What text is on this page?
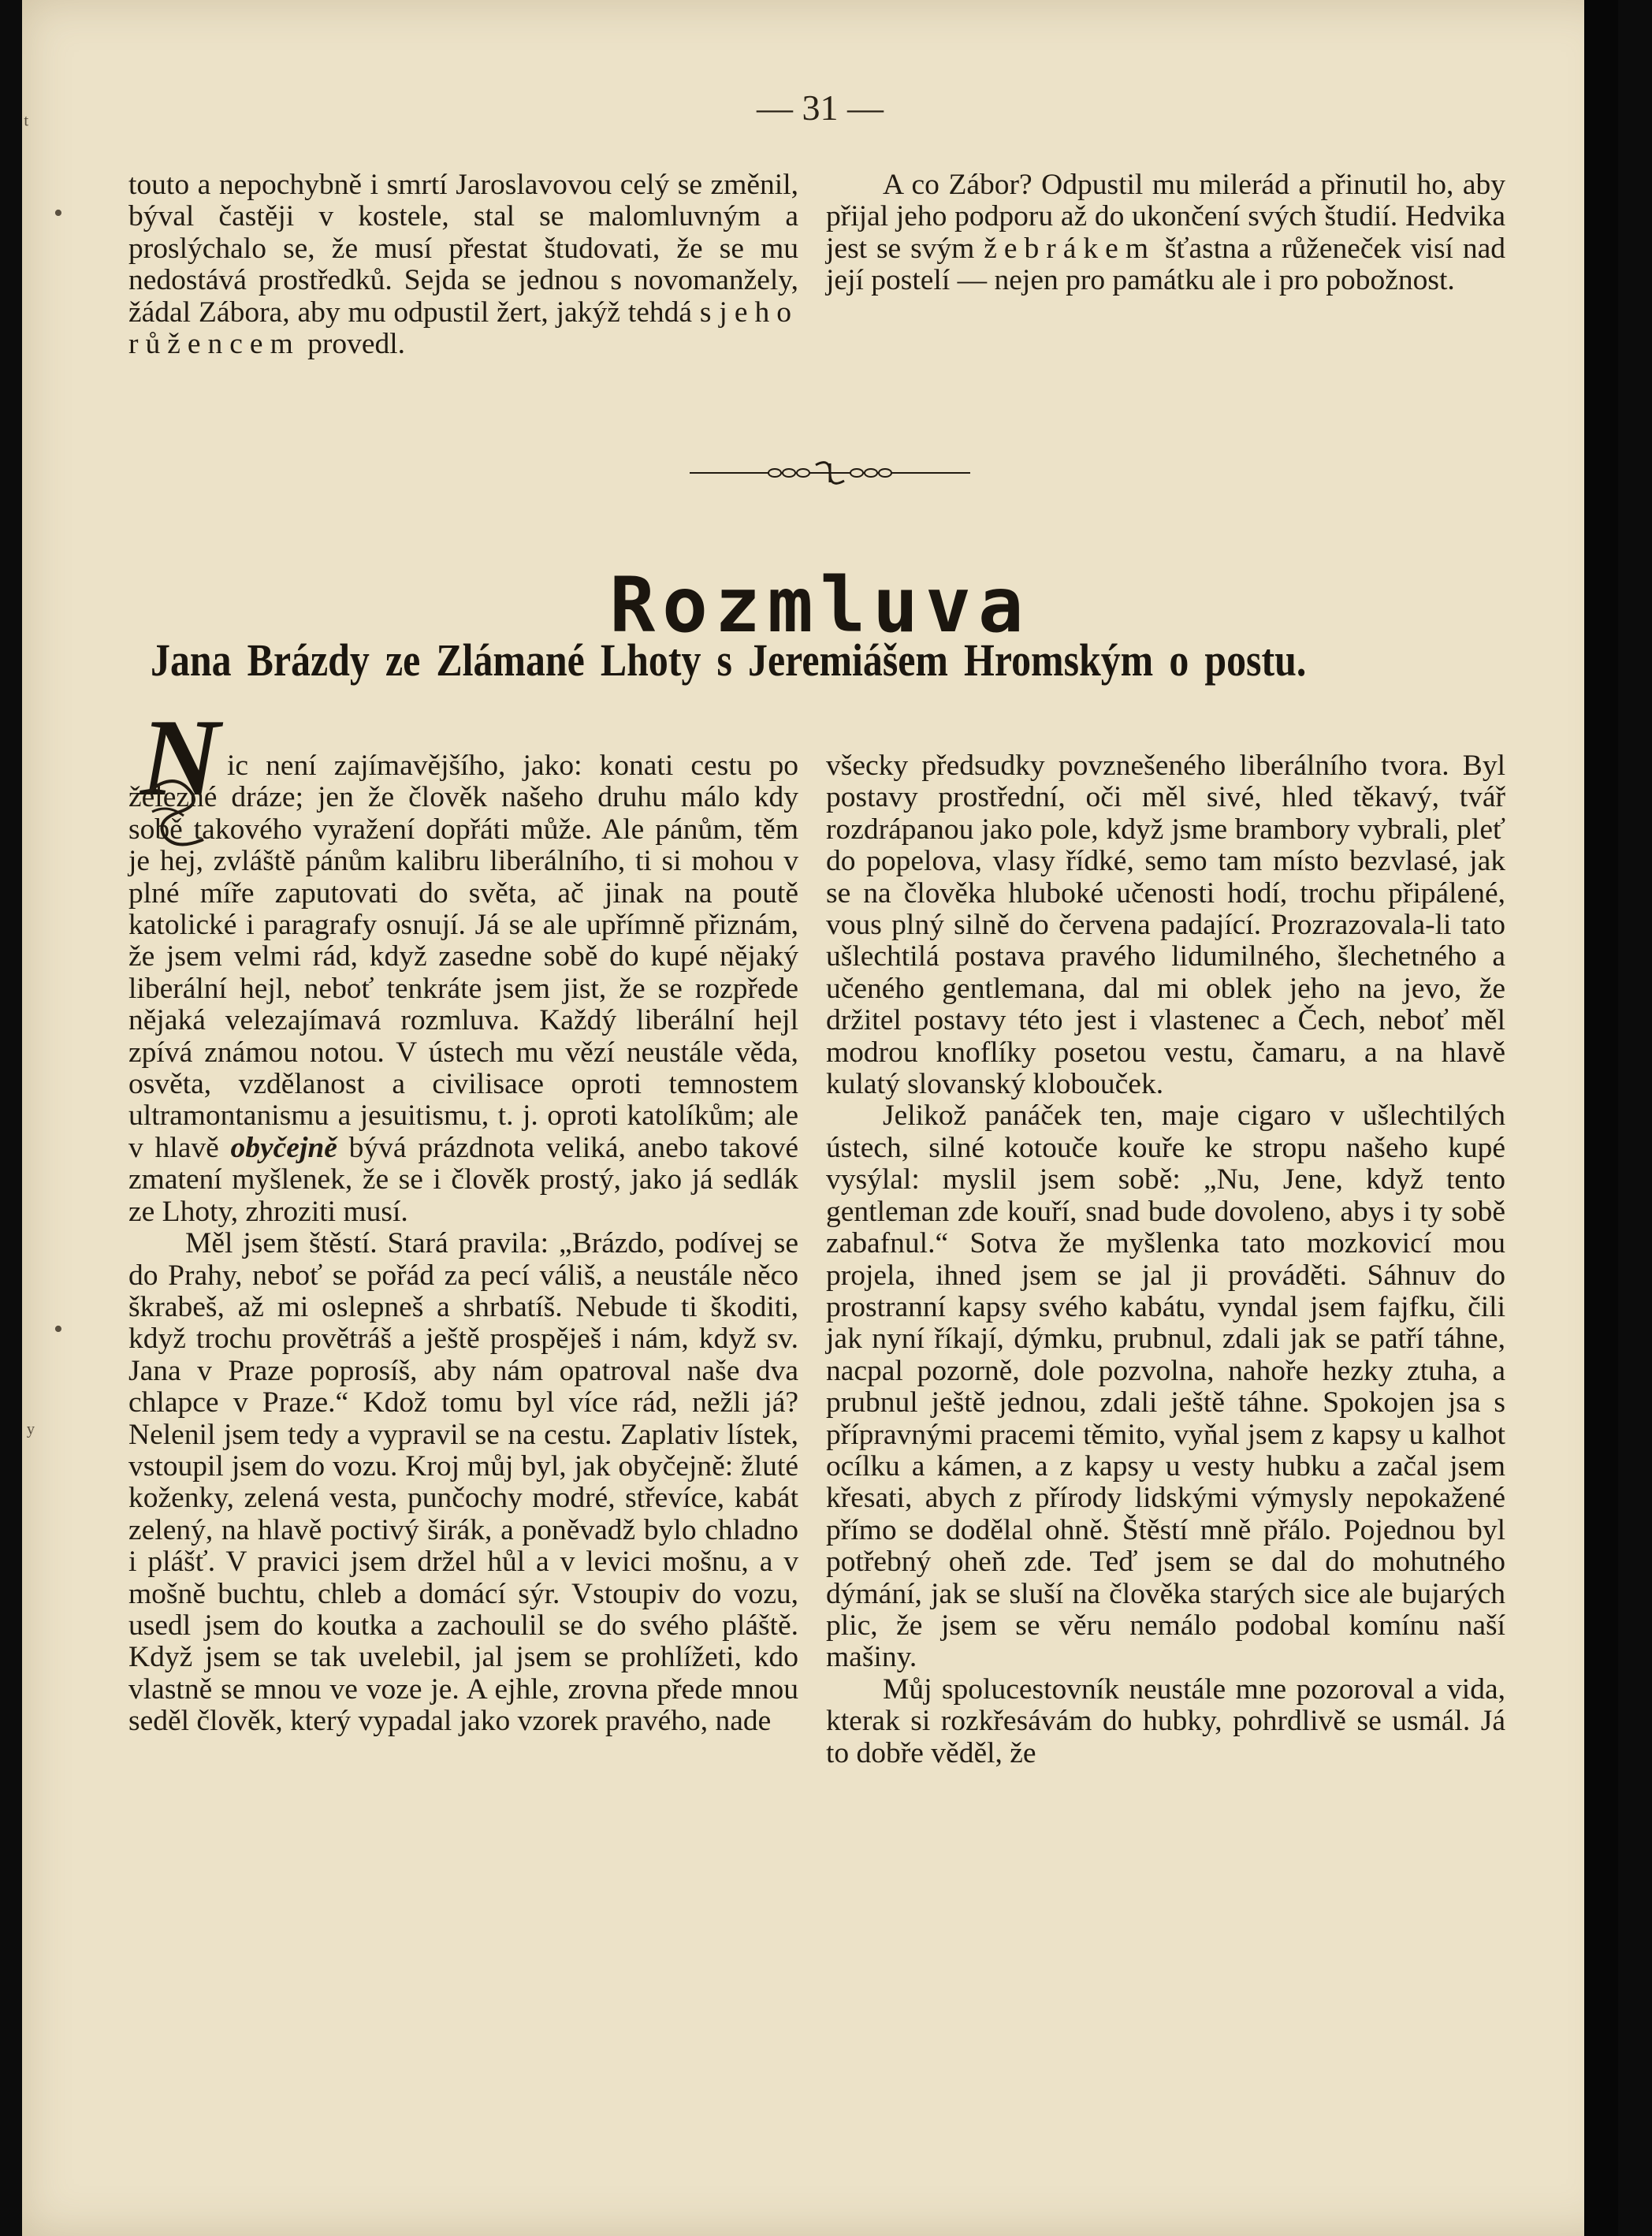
ᵗ
•
•
ʸ
— 31 —

touto a nepochybně i smrtí Jaroslavovou celý se změnil, býval častěji v kostele, stal se malomluvným a proslýchalo se, že musí přestat študovati, že se mu nedostává prostředků. Sejda se jednou s novomanžely, žádal Zábora, aby mu odpustil žert, jakýž tehdá s jeho růžencem provedl.

A co Zábor? Odpustil mu milerád a přinutil ho, aby přijal jeho podporu až do ukončení svých študií. Hedvika jest se svým žebrákem šťastna a růženeček visí nad její postelí — nejen pro památku ale i pro pobožnost.

Rozmluva
Jana Brázdy ze Zlámané Lhoty s Jeremiášem Hromským o postu.
N ic není zajímavějšího, jako: konati cestu po železné dráze; jen že člověk našeho druhu málo kdy sobě takového vyražení dopřáti může. Ale pánům, těm je hej, zvláště pánům kalibru liberálního, ti si mohou v plné míře zaputovati do světa, ač jinak na poutě katolické i paragrafy osnují. Já se ale upřímně přiznám, že jsem velmi rád, když zasedne sobě do kupé nějaký liberální hejl, neboť tenkráte jsem jist, že se rozpřede nějaká velezajímavá rozmluva. Každý liberální hejl zpívá známou notou. V ústech mu vězí neustále věda, osvěta, vzdělanost a civilisace oproti temnostem ultramontanismu a jesuitismu, t. j. oproti katolíkům; ale v hlavě obyčejně bývá prázdnota veliká, anebo takové zmatení myšlenek, že se i člověk prostý, jako já sedlák ze Lhoty, zhroziti musí.

Měl jsem štěstí. Stará pravila: „Brázdo, podívej se do Prahy, neboť se pořád za pecí váliš, a neustále něco škrabeš, až mi oslepneš a shrbatíš. Nebude ti škoditi, když trochu provětráš a ještě prospěješ i nám, když sv. Jana v Praze poprosíš, aby nám opatroval naše dva chlapce v Praze.“ Kdož tomu byl více rád, nežli já? Nelenil jsem tedy a vypravil se na cestu. Zaplativ lístek, vstoupil jsem do vozu. Kroj můj byl, jak obyčejně: žluté koženky, zelená vesta, punčochy modré, střevíce, kabát zelený, na hlavě poctivý širák, a poněvadž bylo chladno i plášť. V pravici jsem držel hůl a v levici mošnu, a v mošně buchtu, chleb a domácí sýr. Vstoupiv do vozu, usedl jsem do koutka a zachoulil se do svého pláště. Když jsem se tak uvelebil, jal jsem se prohlížeti, kdo vlastně se mnou ve voze je. A ejhle, zrovna předе mnou seděl člověk, který vypadal jako vzorek pravého, nade

všecky předsudky povznešeného liberálního tvora. Byl postavy prostřední, oči měl sivé, hled těkavý, tvář rozdrápanou jako pole, když jsme brambory vybrali, pleť do popelova, vlasy řídké, semo tam místo bezvlasé, jak se na člověka hluboké učenosti hodí, trochu připálené, vous plný silně do červena padající. Prozrazovala-li tato ušlechtilá postava pravého lidumilného, šlechetného a učeného gentlemana, dal mi oblek jeho na jevo, že držitel postavy této jest i vlastenec a Čech, neboť měl modrou knoflíky posetou vestu, čamaru, a na hlavě kulatý slovanský klobouček.

Jelikož panáček ten, maje cigaro v ušlechtilých ústech, silné kotouče kouře ke stropu našeho kupé vysýlal: myslil jsem sobě: „Nu, Jene, když tento gentleman zde kouří, snad bude dovoleno, abys i ty sobě zabafnul.“ Sotva že myšlenka tato mozkovicí mou projela, ihned jsem se jal ji prováděti. Sáhnuv do prostranní kapsy svého kabátu, vyndal jsem fajfku, čili jak nyní říkají, dýmku, prubnul, zdali jak se patří táhne, nacpal pozorně, dole pozvolna, nahoře hezky ztuha, a prubnul ještě jednou, zdali ještě táhne. Spokojen jsa s přípravnými pracemi těmito, vyňal jsem z kapsy u kalhot ocílku a kámen, a z kapsy u vesty hubku a začal jsem křesati, abych z přírody lidskými výmysly nepokažené přímo se dodělal ohně. Štěstí mně přálo. Pojednou byl potřebný oheň zde. Teď jsem se dal do mohutného dýmání, jak se sluší na člověka starých sice ale bujarých plic, že jsem se věru nemálo podobal komínu naší mašiny.

Můj spolucestovník neustále mne pozoroval a vida, kterak si rozkřesávám do hubky, pohrdlivě se usmál. Já to dobře věděl, že
